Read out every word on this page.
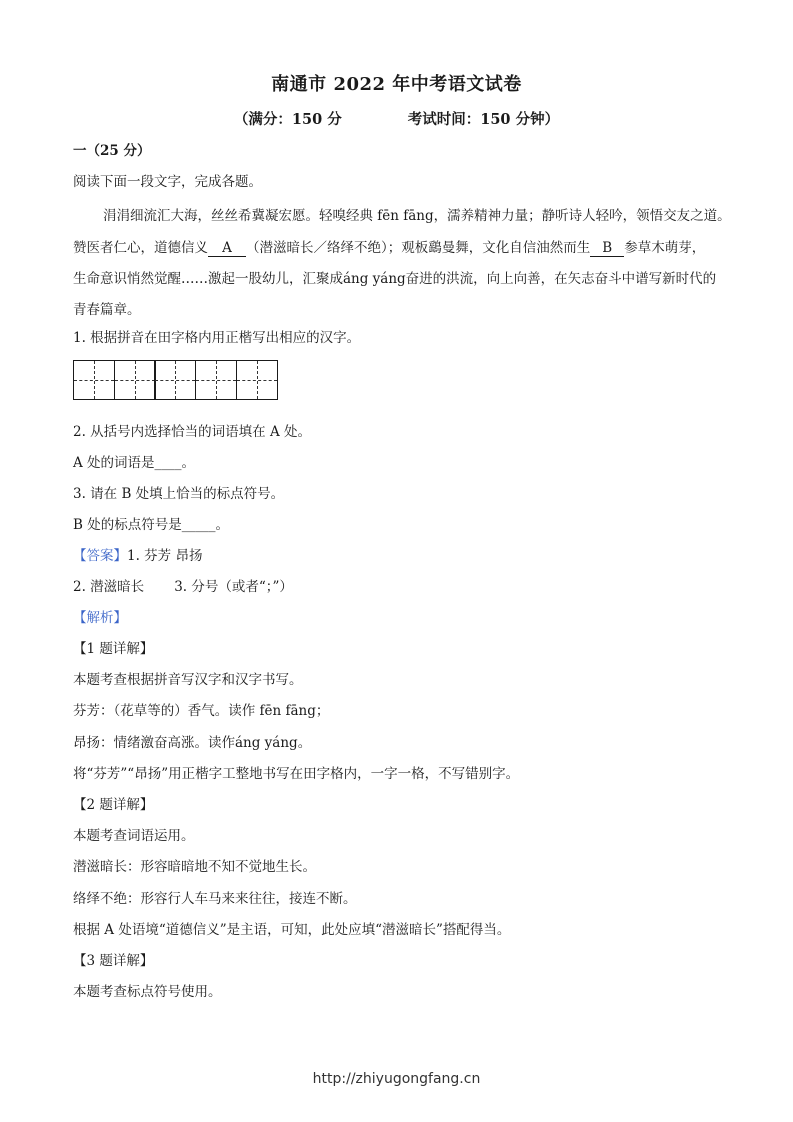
南通市 2022 年中考语文试卷
（满分：150 分	考试时间：150 分钟）
一（25 分）
阅读下面一段文字，完成各题。
涓涓细流汇大海，丝丝希冀凝宏愿。轻嗅经典 fēn fāng，濡养精神力量；静听诗人轻吟，领悟交友之道。
赞医者仁心，道德信义 A （潜滋暗长／络绎不绝）；观板鷂曼舞，文化自信油然而生 B 参草木萌芽，
生命意识悄然觉醒……激起一股幼儿，汇聚成áng yáng奋进的洪流，向上向善，在矢志奋斗中谱写新时代的
青春篇章。
1. 根据拼音在田字格内用正楷写出相应的汉字。
2. 从括号内选择恰当的词语填在 A 处。
A 处的词语是____。
3. 请在 B 处填上恰当的标点符号。
B 处的标点符号是_____。
【答案】1. 芬芳 昂扬
2. 潜滋暗长       3. 分号（或者“；”）
【解析】
【1 题详解】
本题考查根据拼音写汉字和汉字书写。
芬芳：（花草等的）香气。读作 fēn fāng；
昂扬：情绪激奋高涨。读作áng yáng。
将“芬芳”“昂扬”用正楷字工整地书写在田字格内，一字一格，不写错别字。
【2 题详解】
本题考查词语运用。
潜滋暗长：形容暗暗地不知不觉地生长。
络绎不绝：形容行人车马来来往往，接连不断。
根据 A 处语境“道德信义”是主语，可知，此处应填“潜滋暗长”搭配得当。
【3 题详解】
本题考查标点符号使用。
http://zhiyugongfang.cn
